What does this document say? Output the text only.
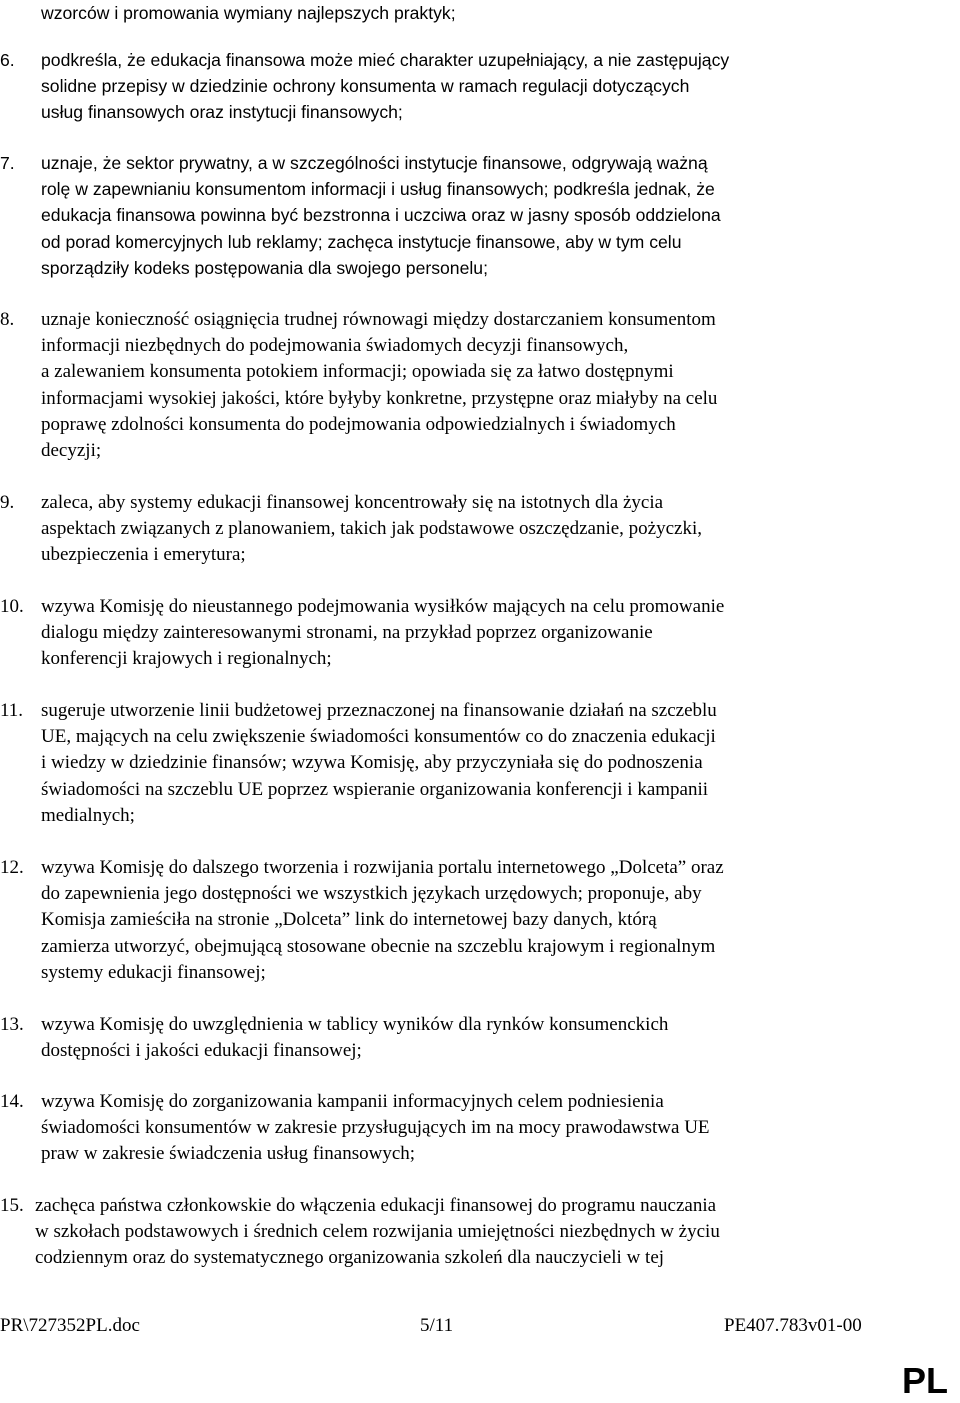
wzorców i promowania wymiany najlepszych praktyk;
6. podkreśla, że edukacja finansowa może mieć charakter uzupełniający, a nie zastępujący
solidne przepisy w dziedzinie ochrony konsumenta w ramach regulacji dotyczących
usług finansowych oraz instytucji finansowych;
7. uznaje, że sektor prywatny, a w szczególności instytucje finansowe, odgrywają ważną
rolę w zapewnianiu konsumentom informacji i usług finansowych; podkreśla jednak, że
edukacja finansowa powinna być bezstronna i uczciwa oraz w jasny sposób oddzielona
od porad komercyjnych lub reklamy; zachęca instytucje finansowe, aby w tym celu
sporządziły kodeks postępowania dla swojego personelu;
8. uznaje konieczność osiągnięcia trudnej równowagi między dostarczaniem konsumentom
informacji niezbędnych do podejmowania świadomych decyzji finansowych,
a zalewaniem konsumenta potokiem informacji; opowiada się za łatwo dostępnymi
informacjami wysokiej jakości, które byłyby konkretne, przystępne oraz miałyby na celu
poprawę zdolności konsumenta do podejmowania odpowiedzialnych i świadomych
decyzji;
9. zaleca, aby systemy edukacji finansowej koncentrowały się na istotnych dla życia
aspektach związanych z planowaniem, takich jak podstawowe oszczędzanie, pożyczki,
ubezpieczenia i emerytura;
10. wzywa Komisję do nieustannego podejmowania wysiłków mających na celu promowanie
dialogu między zainteresowanymi stronami, na przykład poprzez organizowanie
konferencji krajowych i regionalnych;
11. sugeruje utworzenie linii budżetowej przeznaczonej na finansowanie działań na szczeblu
UE, mających na celu zwiększenie świadomości konsumentów co do znaczenia edukacji
i wiedzy w dziedzinie finansów; wzywa Komisję, aby przyczyniała się do podnoszenia
świadomości na szczeblu UE poprzez wspieranie organizowania konferencji i kampanii
medialnych;
12. wzywa Komisję do dalszego tworzenia i rozwijania portalu internetowego „Dolceta” oraz
do zapewnienia jego dostępności we wszystkich językach urzędowych; proponuje, aby
Komisja zamieściła na stronie „Dolceta” link do internetowej bazy danych, którą
zamierza utworzyć, obejmującą stosowane obecnie na szczeblu krajowym i regionalnym
systemy edukacji finansowej;
13. wzywa Komisję do uwzględnienia w tablicy wyników dla rynków konsumenckich
dostępności i jakości edukacji finansowej;
14. wzywa Komisję do zorganizowania kampanii informacyjnych celem podniesienia
świadomości konsumentów w zakresie przysługujących im na mocy prawodawstwa UE
praw w zakresie świadczenia usług finansowych;
15. zachęca państwa członkowskie do włączenia edukacji finansowej do programu nauczania
w szkołach podstawowych i średnich celem rozwijania umiejętności niezbędnych w życiu
codziennym oraz do systematycznego organizowania szkoleń dla nauczycieli w tej
PR\727352PL.doc	5/11	PE407.783v01-00
PL
